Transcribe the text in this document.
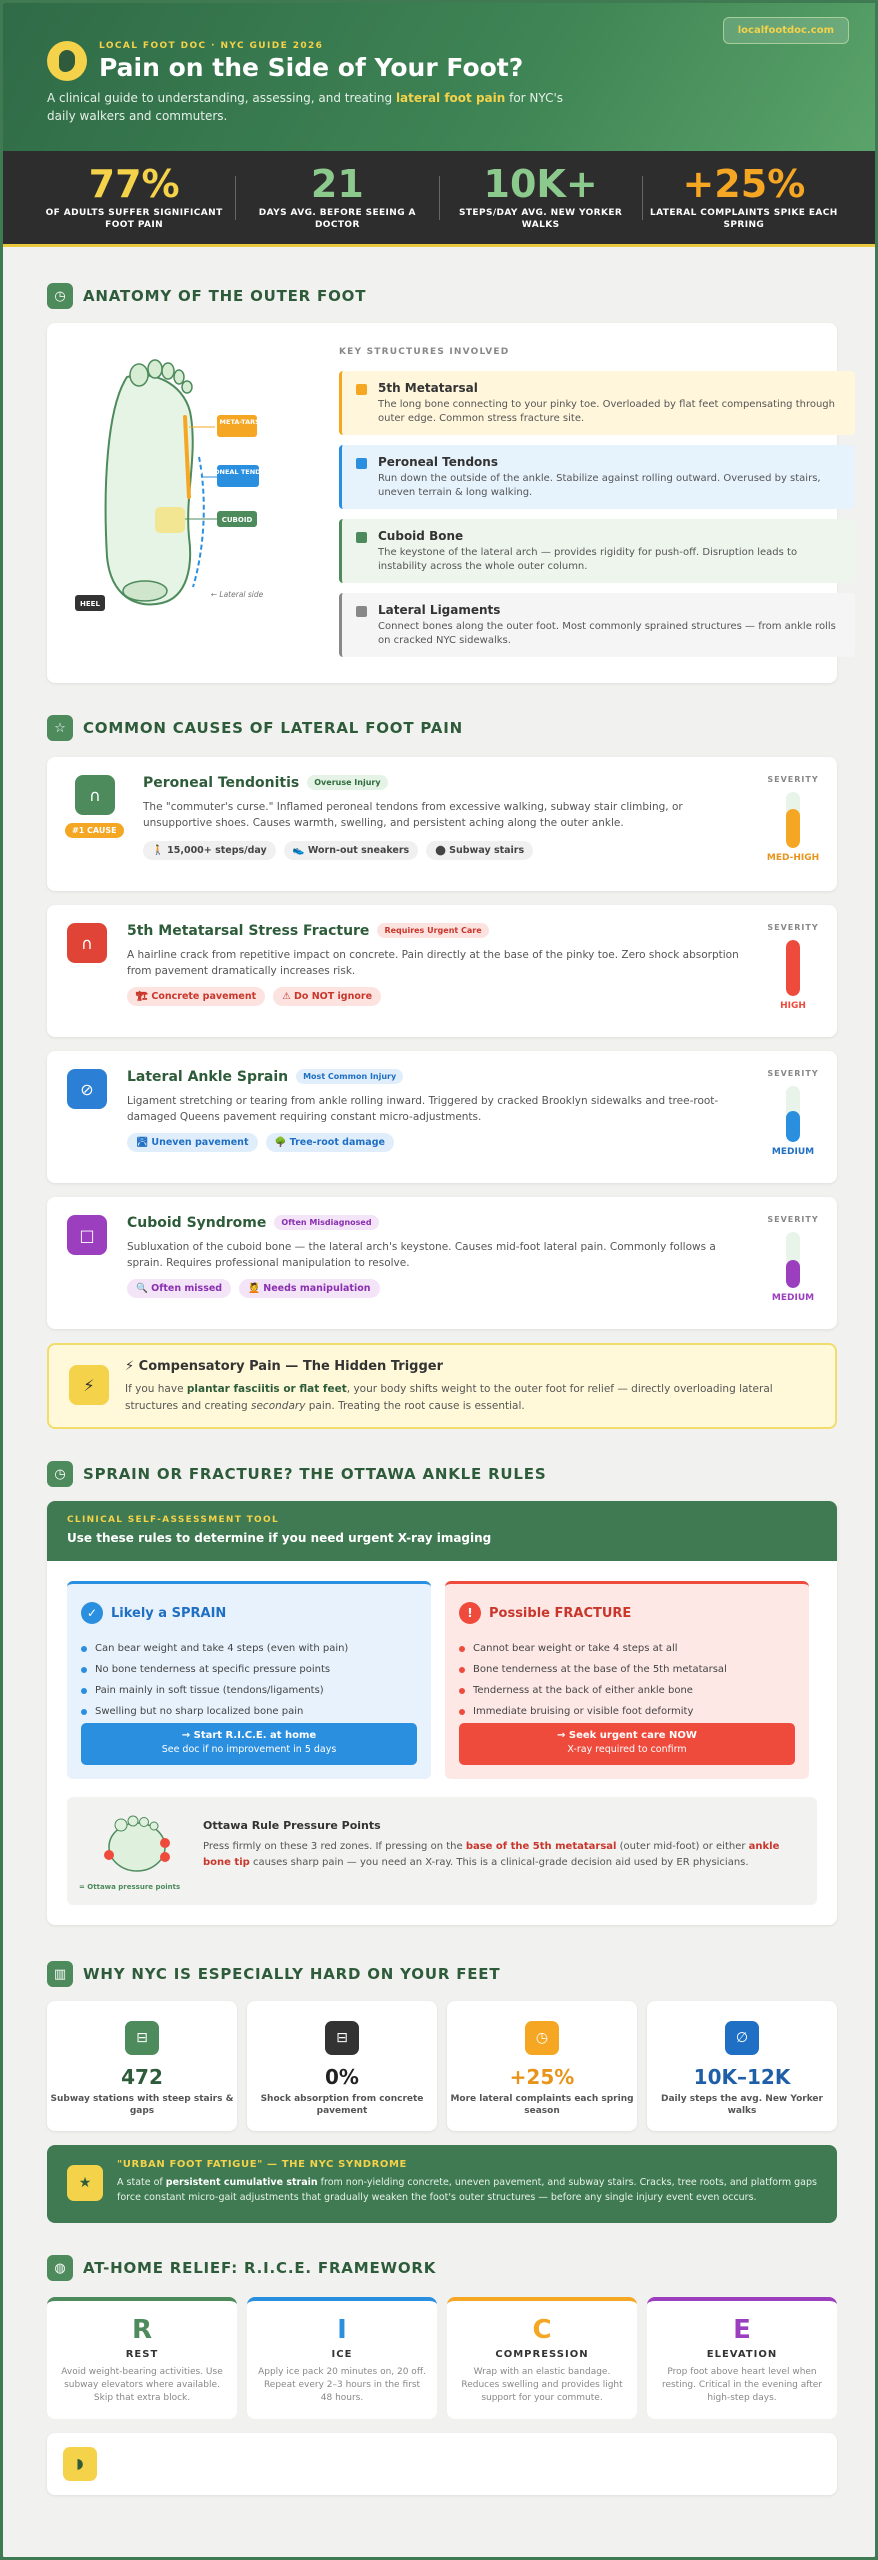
LOCAL FOOT DOC · NYC GUIDE 2026
Pain on the Side of Your Foot?
A clinical guide to understanding, assessing, and treating lateral foot pain for NYC's daily walkers and commuters.
localfootdoc.com
77%
OF ADULTS SUFFER SIGNIFICANT FOOT PAIN
21
DAYS AVG. BEFORE SEEING A DOCTOR
10K+
STEPS/DAY AVG. NEW YORKER WALKS
+25%
LATERAL COMPLAINTS SPIKE EACH SPRING
◷	ANATOMY OF THE OUTER FOOT
5th META-TARSAL
PERONEAL TENDONS
CUBOID
HEEL
← Lateral side
KEY STRUCTURES INVOLVED
5th Metatarsal
The long bone connecting to your pinky toe. Overloaded by flat feet compensating through outer edge. Common stress fracture site.
Peroneal Tendons
Run down the outside of the ankle. Stabilize against rolling outward. Overused by stairs, uneven terrain & long walking.
Cuboid Bone
The keystone of the lateral arch — provides rigidity for push-off. Disruption leads to instability across the whole outer column.
Lateral Ligaments
Connect bones along the outer foot. Most commonly sprained structures — from ankle rolls on cracked NYC sidewalks.
☆	COMMON CAUSES OF LATERAL FOOT PAIN
∩
#1 CAUSE
Peroneal Tendonitis Overuse Injury
The "commuter's curse." Inflamed peroneal tendons from excessive walking, subway stair climbing, or unsupportive shoes. Causes warmth, swelling, and persistent aching along the outer ankle.
🚶 15,000+ steps/day	👟 Worn-out sneakers	⬤ Subway stairs
SEVERITY
MED-HIGH
∩
5th Metatarsal Stress Fracture Requires Urgent Care
A hairline crack from repetitive impact on concrete. Pain directly at the base of the pinky toe. Zero shock absorption from pavement dramatically increases risk.
🏗 Concrete pavement	⚠ Do NOT ignore
SEVERITY
HIGH
⊘
Lateral Ankle Sprain Most Common Injury
Ligament stretching or tearing from ankle rolling inward. Triggered by cracked Brooklyn sidewalks and tree-root-damaged Queens pavement requiring constant micro-adjustments.
🛣 Uneven pavement	🌳 Tree-root damage
SEVERITY
MEDIUM
□
Cuboid Syndrome Often Misdiagnosed
Subluxation of the cuboid bone — the lateral arch's keystone. Causes mid-foot lateral pain. Commonly follows a sprain. Requires professional manipulation to resolve.
🔍 Often missed	💆 Needs manipulation
SEVERITY
MEDIUM
⚡
⚡ Compensatory Pain — The Hidden Trigger
If you have plantar fasciitis or flat feet, your body shifts weight to the outer foot for relief — directly overloading lateral structures and creating secondary pain. Treating the root cause is essential.
◷	SPRAIN OR FRACTURE? THE OTTAWA ANKLE RULES
CLINICAL SELF-ASSESSMENT TOOL
Use these rules to determine if you need urgent X-ray imaging
✓	Likely a SPRAIN
Can bear weight and take 4 steps (even with pain)
No bone tenderness at specific pressure points
Pain mainly in soft tissue (tendons/ligaments)
Swelling but no sharp localized bone pain
→ Start R.I.C.E. at home
See doc if no improvement in 5 days
!	Possible FRACTURE
Cannot bear weight or take 4 steps at all
Bone tenderness at the base of the 5th metatarsal
Tenderness at the back of either ankle bone
Immediate bruising or visible foot deformity
→ Seek urgent care NOW
X-ray required to confirm
= Ottawa pressure points
Ottawa Rule Pressure Points
Press firmly on these 3 red zones. If pressing on the base of the 5th metatarsal (outer mid-foot) or either ankle bone tip causes sharp pain — you need an X-ray. This is a clinical-grade decision aid used by ER physicians.
▥	WHY NYC IS ESPECIALLY HARD ON YOUR FEET
⊟
472
Subway stations with steep stairs & gaps
⊟
0%
Shock absorption from concrete pavement
◷
+25%
More lateral complaints each spring season
∅
10K–12K
Daily steps the avg. New Yorker walks
★
"URBAN FOOT FATIGUE" — THE NYC SYNDROME
A state of persistent cumulative strain from non-yielding concrete, uneven pavement, and subway stairs. Cracks, tree roots, and platform gaps force constant micro-gait adjustments that gradually weaken the foot's outer structures — before any single injury event even occurs.
◍	AT-HOME RELIEF: R.I.C.E. FRAMEWORK
R
REST
Avoid weight-bearing activities. Use subway elevators where available. Skip that extra block.
I
ICE
Apply ice pack 20 minutes on, 20 off. Repeat every 2–3 hours in the first 48 hours.
C
COMPRESSION
Wrap with an elastic bandage. Reduces swelling and provides light support for your commute.
E
ELEVATION
Prop foot above heart level when resting. Critical in the evening after high-step days.
◗
